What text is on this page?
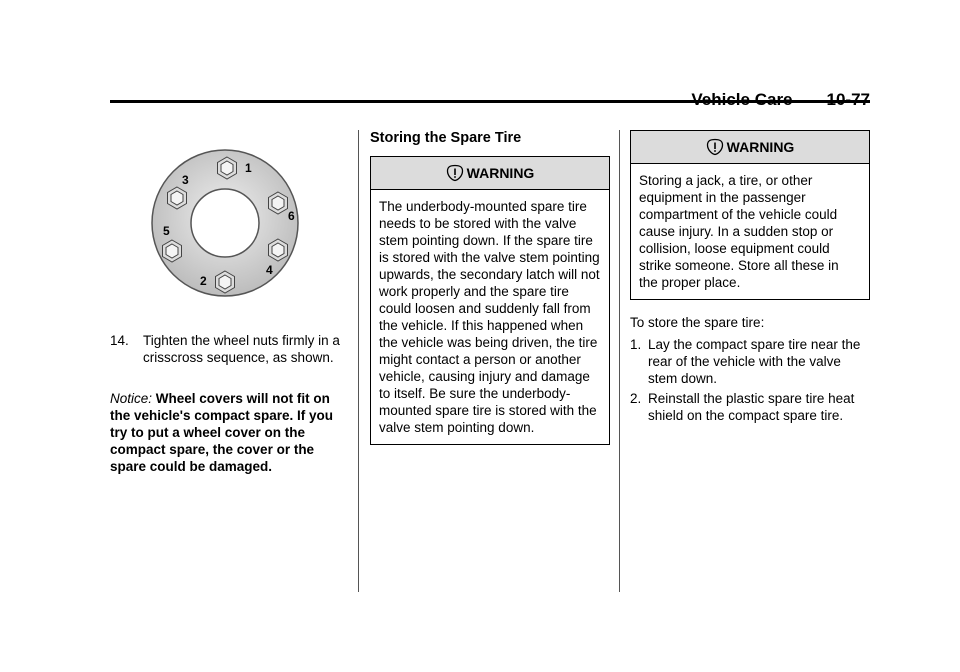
1
2
3
4
5
6
14.	Tighten the wheel nuts firmly in a crisscross sequence, as shown.
Notice: Wheel covers will not fit on the vehicle's compact spare. If you try to put a wheel cover on the compact spare, the cover or the spare could be damaged.
Storing the Spare Tire
WARNING
The underbody-mounted spare tire needs to be stored with the valve stem pointing down. If the spare tire is stored with the valve stem pointing upwards, the secondary latch will not work properly and the spare tire could loosen and suddenly fall from the vehicle. If this happened when the vehicle was being driven, the tire might contact a person or another vehicle, causing injury and damage to itself. Be sure the underbody-mounted spare tire is stored with the valve stem pointing down.
WARNING
Storing a jack, a tire, or other equipment in the passenger compartment of the vehicle could cause injury. In a sudden stop or collision, loose equipment could strike someone. Store all these in the proper place.
To store the spare tire:
1. Lay the compact spare tire near the rear of the vehicle with the valve stem down.
2. Reinstall the plastic spare tire heat shield on the compact spare tire.
